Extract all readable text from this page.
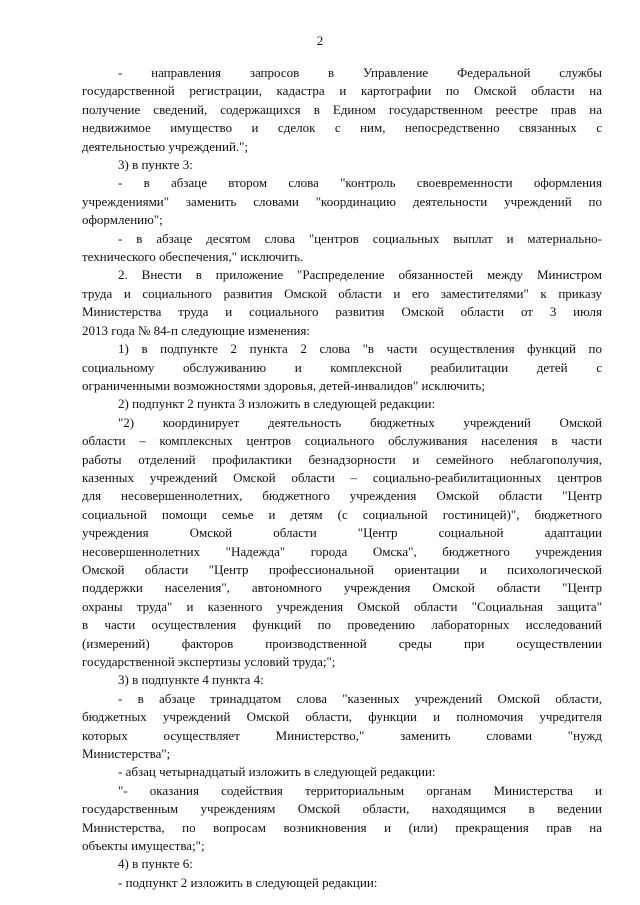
2
- направления запросов в Управление Федеральной службы
государственной регистрации, кадастра и картографии по Омской области на
получение сведений, содержащихся в Едином государственном реестре прав на
недвижимое имущество и сделок с ним, непосредственно связанных с
деятельностью учреждений.";
3) в пункте 3:
- в абзаце втором слова "контроль своевременности оформления
учреждениями" заменить словами "координацию деятельности учреждений по
оформлению";
- в абзаце десятом слова "центров социальных выплат и материально-
технического обеспечения," исключить.
2. Внести в приложение "Распределение обязанностей между Министром
труда и социального развития Омской области и его заместителями" к приказу
Министерства труда и социального развития Омской области от 3 июля
2013 года № 84-п следующие изменения:
1) в подпункте 2 пункта 2 слова "в части осуществления функций по
социальному обслуживанию и комплексной реабилитации детей с
ограниченными возможностями здоровья, детей-инвалидов" исключить;
2) подпункт 2 пункта 3 изложить в следующей редакции:
"2) координирует деятельность бюджетных учреждений Омской
области – комплексных центров социального обслуживания населения в части
работы отделений профилактики безнадзорности и семейного неблагополучия,
казенных учреждений Омской области – социально-реабилитационных центров
для несовершеннолетних, бюджетного учреждения Омской области "Центр
социальной помощи семье и детям (с социальной гостиницей)", бюджетного
учреждения Омской области "Центр социальной адаптации
несовершеннолетних "Надежда" города Омска", бюджетного учреждения
Омской области "Центр профессиональной ориентации и психологической
поддержки населения", автономного учреждения Омской области "Центр
охраны труда" и казенного учреждения Омской области "Социальная защита"
в части осуществления функций по проведению лабораторных исследований
(измерений) факторов производственной среды при осуществлении
государственной экспертизы условий труда;";
3) в подпункте 4 пункта 4:
- в абзаце тринадцатом слова "казенных учреждений Омской области,
бюджетных учреждений Омской области, функции и полномочия учредителя
которых осуществляет Министерство," заменить словами "нужд
Министерства";
- абзац четырнадцатый изложить в следующей редакции:
"- оказания содействия территориальным органам Министерства и
государственным учреждениям Омской области, находящимся в ведении
Министерства, по вопросам возникновения и (или) прекращения прав на
объекты имущества;";
4) в пункте 6:
- подпункт 2 изложить в следующей редакции:
